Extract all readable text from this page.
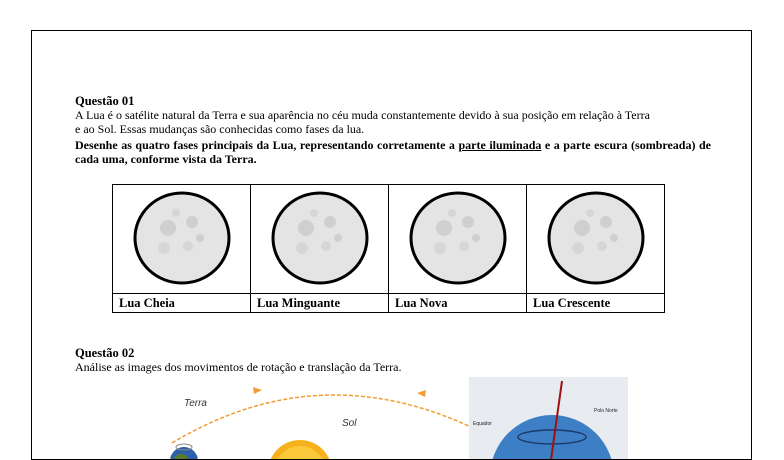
Questão 01
A Lua é o satélite natural da Terra e sua aparência no céu muda constantemente devido à sua posição em relação à Terra
e ao Sol. Essas mudanças são conhecidas como fases da lua.
Desenhe as quatro fases principais da Lua, representando corretamente a parte iluminada e a parte escura (sombreada) de cada uma, conforme vista da Terra.

Lua Cheia	Lua Minguante	Lua Nova	Lua Crescente
Questão 02
Análise as images dos movimentos de rotação e translação da Terra.
Terra
Sol
Polo Norte
Equador
